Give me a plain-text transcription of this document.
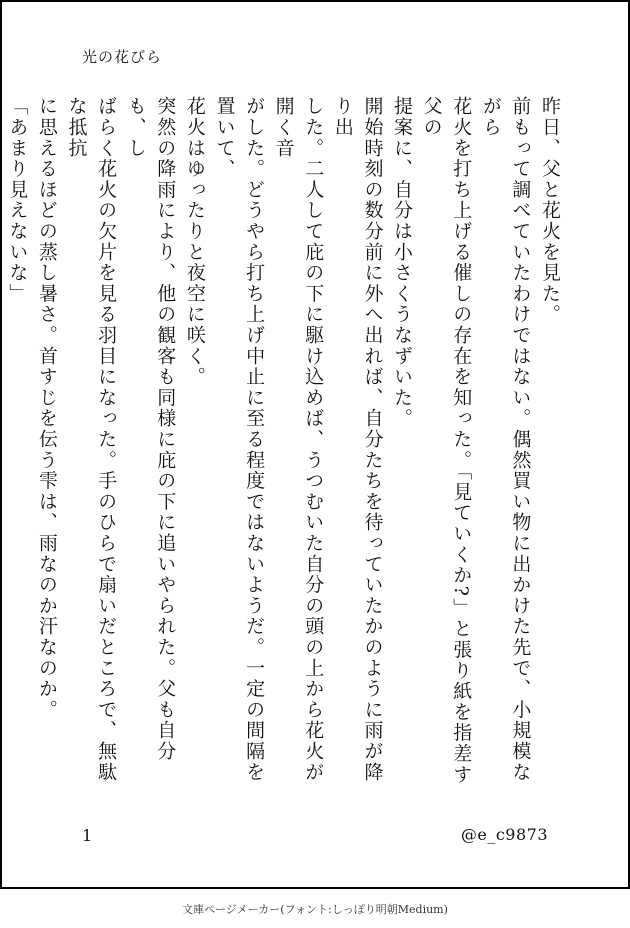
光の花びら

昨日、父と花火を見た。

前もって調べていたわけではない。偶然買い物に出かけた先で、小規模ながら
花火を打ち上げる催しの存在を知った。「見ていくか?」と張り紙を指差す父の
提案に、自分は小さくうなずいた。

開始時刻の数分前に外へ出れば、自分たちを待っていたかのように雨が降り出
した。二人して庇の下に駆け込めば、うつむいた自分の頭の上から花火が開く音
がした。どうやら打ち上げ中止に至る程度ではないようだ。一定の間隔を置いて、
花火はゆったりと夜空に咲く。

突然の降雨により、他の観客も同様に庇の下に追いやられた。父も自分も、し
ばらく花火の欠片を見る羽目になった。手のひらで扇いだところで、無駄な抵抗
に思えるほどの蒸し暑さ。首すじを伝う雫は、雨なのか汗なのか。

「あまり見えないな」

1	@e_c9873
文庫ページメーカー(フォント:しっぽり明朝Medium)
